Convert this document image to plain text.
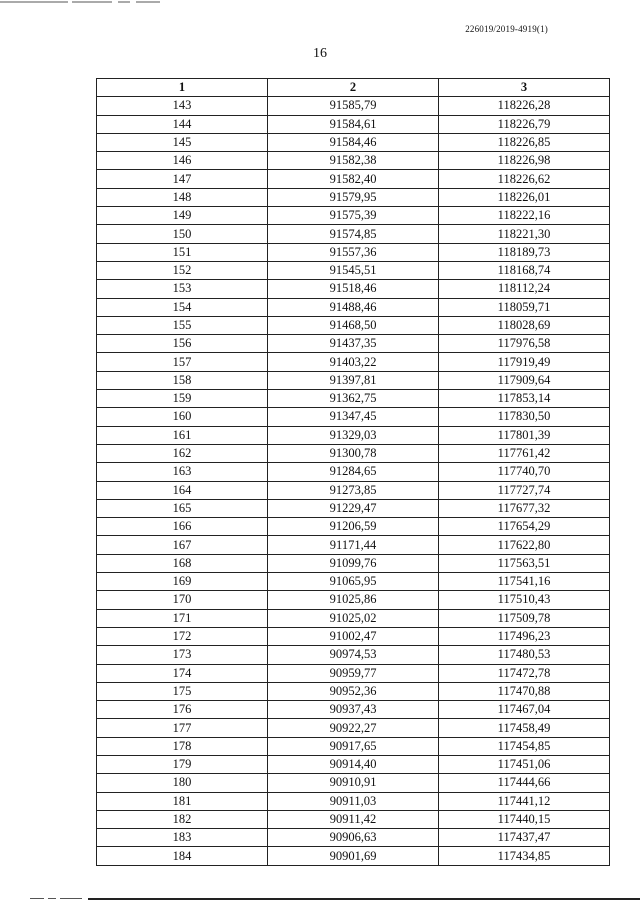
226019/2019-4919(1)
16
1	2	3
143	91585,79	118226,28
144	91584,61	118226,79
145	91584,46	118226,85
146	91582,38	118226,98
147	91582,40	118226,62
148	91579,95	118226,01
149	91575,39	118222,16
150	91574,85	118221,30
151	91557,36	118189,73
152	91545,51	118168,74
153	91518,46	118112,24
154	91488,46	118059,71
155	91468,50	118028,69
156	91437,35	117976,58
157	91403,22	117919,49
158	91397,81	117909,64
159	91362,75	117853,14
160	91347,45	117830,50
161	91329,03	117801,39
162	91300,78	117761,42
163	91284,65	117740,70
164	91273,85	117727,74
165	91229,47	117677,32
166	91206,59	117654,29
167	91171,44	117622,80
168	91099,76	117563,51
169	91065,95	117541,16
170	91025,86	117510,43
171	91025,02	117509,78
172	91002,47	117496,23
173	90974,53	117480,53
174	90959,77	117472,78
175	90952,36	117470,88
176	90937,43	117467,04
177	90922,27	117458,49
178	90917,65	117454,85
179	90914,40	117451,06
180	90910,91	117444,66
181	90911,03	117441,12
182	90911,42	117440,15
183	90906,63	117437,47
184	90901,69	117434,85
